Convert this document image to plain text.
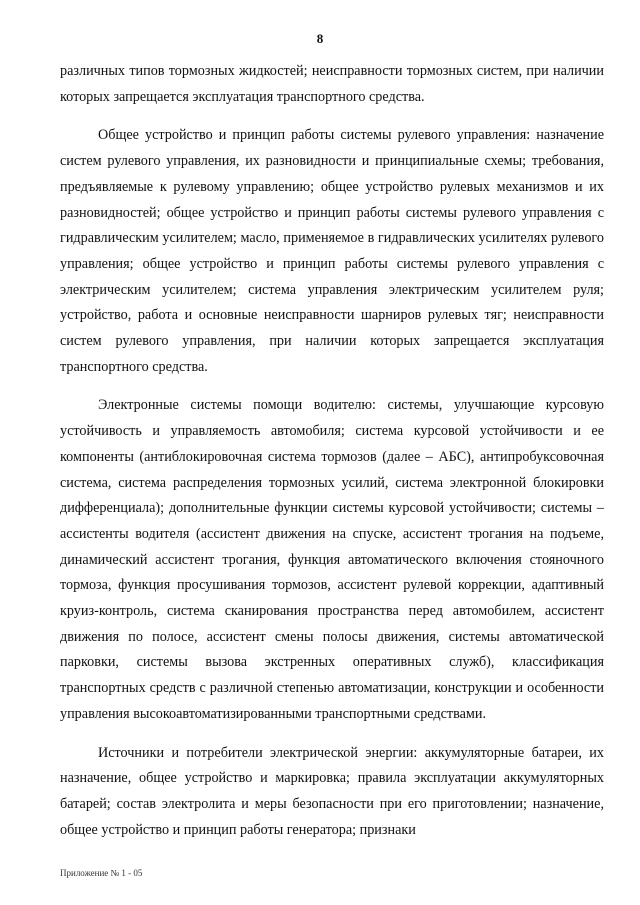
8

различных типов тормозных жидкостей; неисправности тормозных систем, при наличии которых запрещается эксплуатация транспортного средства.

Общее устройство и принцип работы системы рулевого управления: назначение систем рулевого управления, их разновидности и принципиальные схемы; требования, предъявляемые к рулевому управлению; общее устройство рулевых механизмов и их разновидностей; общее устройство и принцип работы системы рулевого управления с гидравлическим усилителем; масло, применяемое в гидравлических усилителях рулевого управления; общее устройство и принцип работы системы рулевого управления с электрическим усилителем; система управления электрическим усилителем руля; устройство, работа и основные неисправности шарниров рулевых тяг; неисправности систем рулевого управления, при наличии которых запрещается эксплуатация транспортного средства.

Электронные системы помощи водителю: системы, улучшающие курсовую устойчивость и управляемость автомобиля; система курсовой устойчивости и ее компоненты (антиблокировочная система тормозов (далее – АБС), антипробуксовочная система, система распределения тормозных усилий, система электронной блокировки дифференциала); дополнительные функции системы курсовой устойчивости; системы – ассистенты водителя (ассистент движения на спуске, ассистент трогания на подъеме, динамический ассистент трогания, функция автоматического включения стояночного тормоза, функция просушивания тормозов, ассистент рулевой коррекции, адаптивный круиз-контроль, система сканирования пространства перед автомобилем, ассистент движения по полосе, ассистент смены полосы движения, системы автоматической парковки, системы вызова экстренных оперативных служб), классификация транспортных средств с различной степенью автоматизации, конструкции и особенности управления высокоавтоматизированными транспортными средствами.

Источники и потребители электрической энергии: аккумуляторные батареи, их назначение, общее устройство и маркировка; правила эксплуатации аккумуляторных батарей; состав электролита и меры безопасности при его приготовлении; назначение, общее устройство и принцип работы генератора; признаки

Приложение № 1 - 05
